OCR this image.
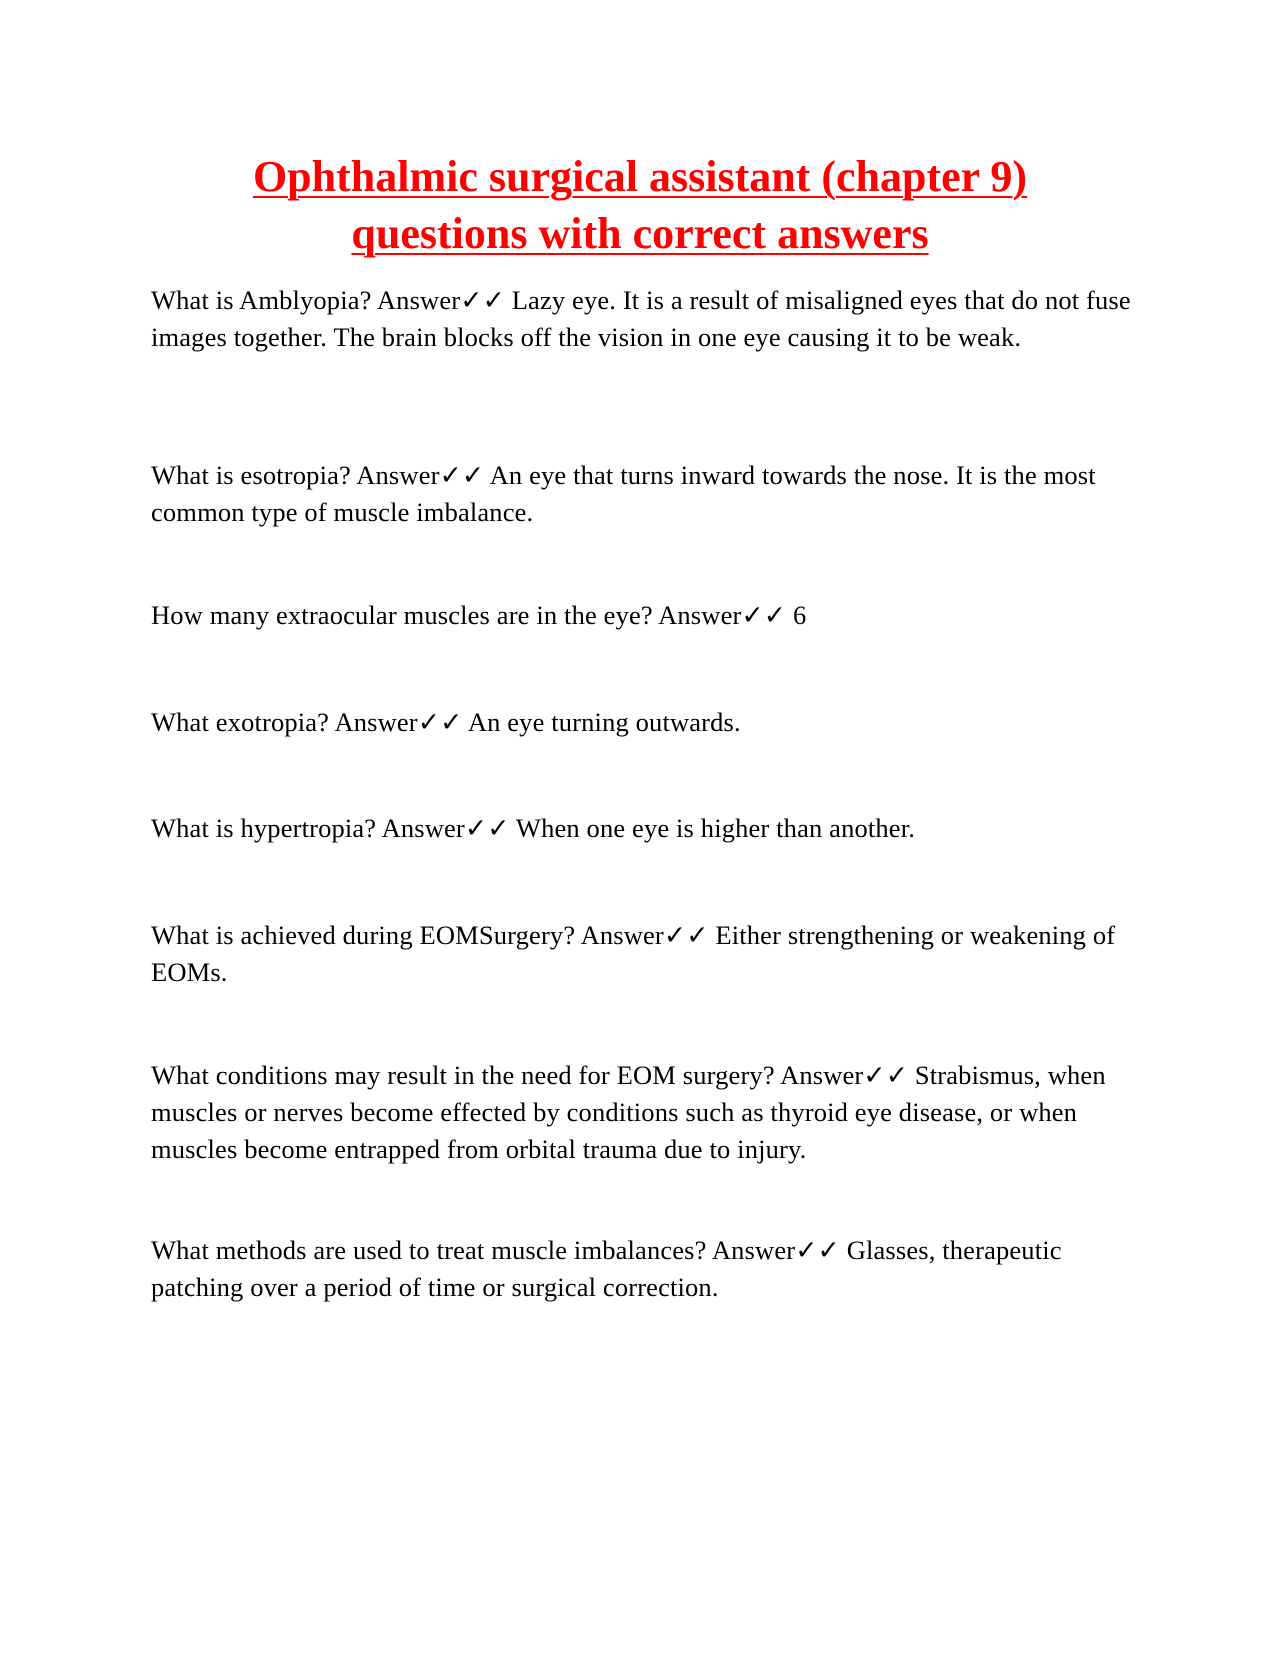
Ophthalmic surgical assistant (chapter 9)
questions with correct answers

What is Amblyopia? Answer✓✓ Lazy eye. It is a result of misaligned eyes that do not fuse images together. The brain blocks off the vision in one eye causing it to be weak.

What is esotropia? Answer✓✓ An eye that turns inward towards the nose. It is the most common type of muscle imbalance.

How many extraocular muscles are in the eye? Answer✓✓ 6

What exotropia? Answer✓✓ An eye turning outwards.

What is hypertropia? Answer✓✓ When one eye is higher than another.

What is achieved during EOMSurgery? Answer✓✓ Either strengthening or weakening of EOMs.

What conditions may result in the need for EOM surgery? Answer✓✓ Strabismus, when muscles or nerves become effected by conditions such as thyroid eye disease, or when muscles become entrapped from orbital trauma due to injury.

What methods are used to treat muscle imbalances? Answer✓✓ Glasses, therapeutic patching over a period of time or surgical correction.
